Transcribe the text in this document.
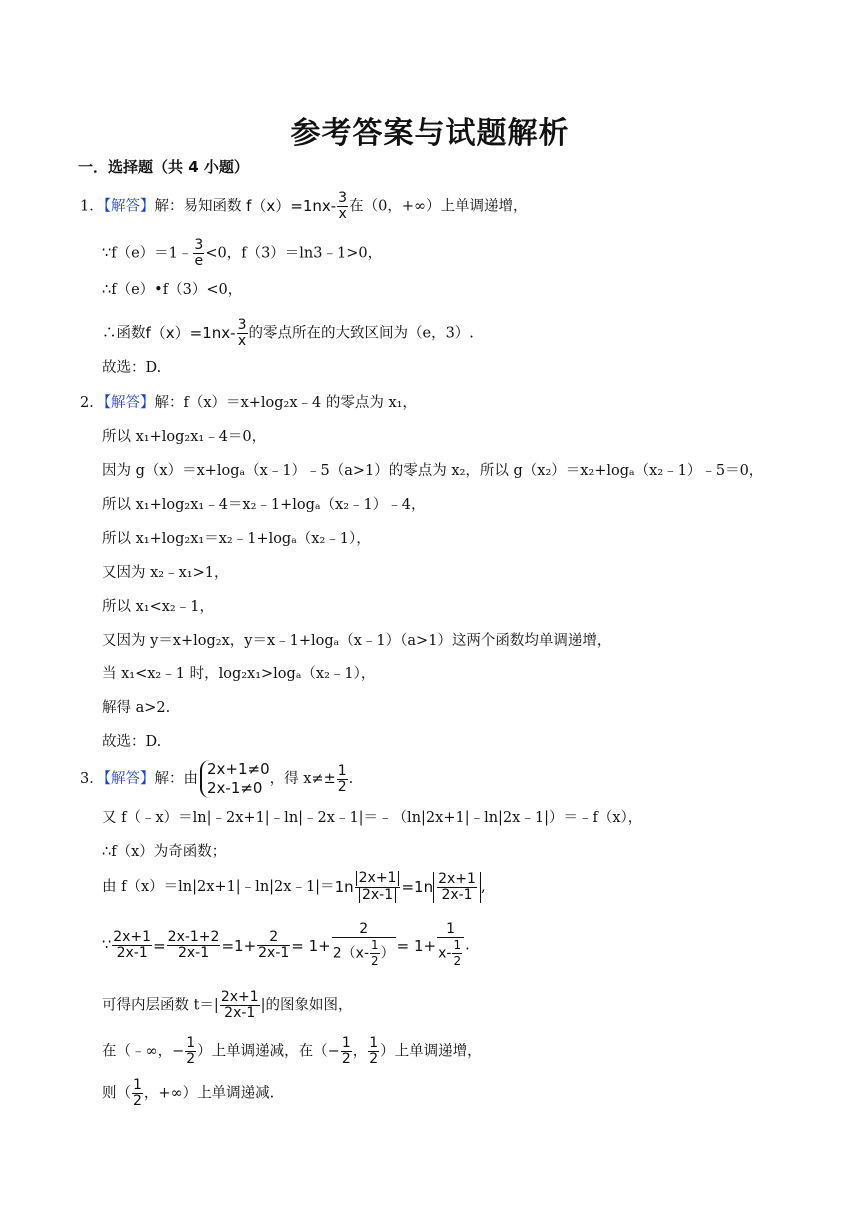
参考答案与试题解析
一．选择题（共 4 小题）
1．【解答】解：易知函数 $f(x)=1nx- \frac{3}{x}$ 在（0，+∞）上单调递增，
∵f（e）＝1﹣ $\frac{3}{e} <0$，f（3）＝ln3﹣1>0，
∴f（e）•f（3）<0，
∴函数$f(x)=1nx- \frac{3}{x}$ 的零点所在的大致区间为（e，3）.
故选：D.
2．【解答】解：f（x）＝x+log₂x﹣4 的零点为 x₁，
所以 x₁+log₂x₁﹣4＝0，
因为 g（x）＝x+logₐ（x﹣1）﹣5（a>1）的零点为 x₂，所以 g（x₂）＝x₂+logₐ（x₂﹣1）﹣5＝0，
所以 x₁+log₂x₁﹣4＝x₂﹣1+logₐ（x₂﹣1）﹣4，
所以 x₁+log₂x₁＝x₂﹣1+logₐ（x₂﹣1），
又因为 x₂﹣x₁>1，
所以 x₁<x₂﹣1，
又因为 y＝x+log₂x，y＝x﹣1+logₐ（x﹣1）（a>1）这两个函数均单调递增，
当 x₁<x₂﹣1 时，log₂x₁>logₐ（x₂﹣1），
解得 a>2.
故选：D.
3．【解答】解：由
2x+1≠0
2x-1≠0 ，得 $x\ne\pm \frac{1}{2}$ .
又 f（﹣x）＝ln|﹣2x+1|﹣ln|﹣2x﹣1|＝﹣（ln|2x+1|﹣ln|2x﹣1|）＝﹣f（x），
∴f（x）为奇函数；
由 f（x）＝ln|2x+1|﹣ln|2x﹣1|＝1n $\frac{2x+1}{2x-1} =1n \frac{2x+1}{2x-1}$ ,
∵ $\frac{2x+1}{2x-1} = \frac{2x-1+2}{2x-1} =1+ \frac{2}{2x-1} = 1+ \frac{2}{2(x- \frac{1}{2} )} = 1+ \frac{1}{x- \frac{1}{2}}$ .
可得内层函数 $t=| \frac{2x+1}{2x-1}$ |的图象如图，
在（﹣∞，− $\frac{1}{2}$ ）上单调递减，在（− $\frac{1}{2}$ ， $\frac{1}{2}$ ）上单调递增，
则（ $\frac{1}{2}$ ，+∞）上单调递减.
